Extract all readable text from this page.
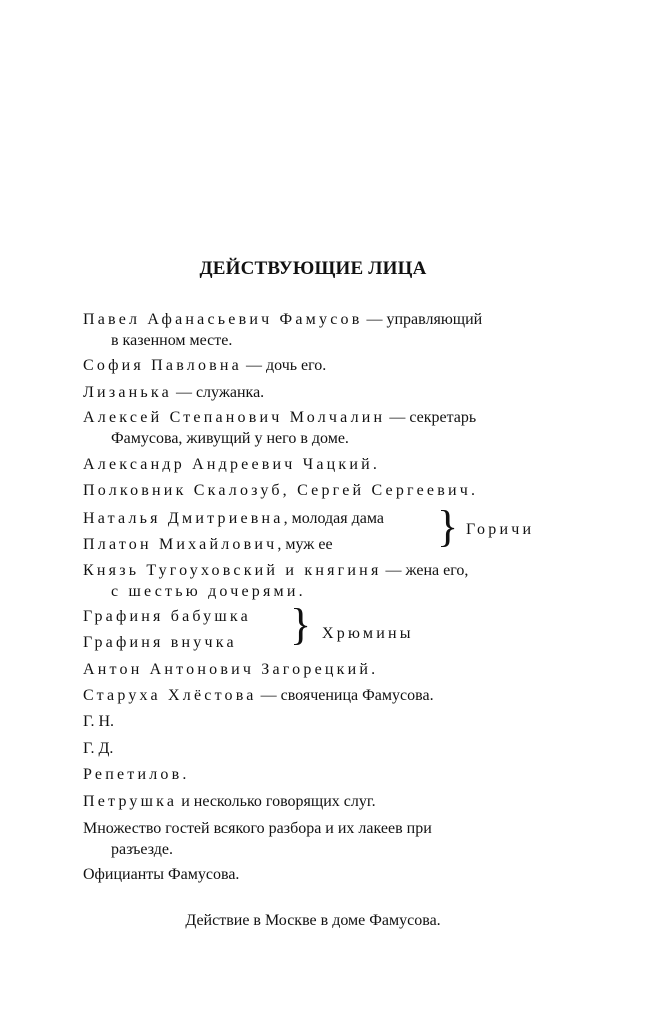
ДЕЙСТВУЮЩИЕ ЛИЦА
Павел Афанасьевич Фамусов — управляющий
в казенном месте.
София Павловна — дочь его.
Лизанька — служанка.
Алексей Степанович Молчалин — секретарь
Фамусова, живущий у него в доме.
Александр Андреевич Чацкий.
Полковник Скалозуб, Сергей Сергеевич.
Наталья Дмитриевна, молодая дама
Платон Михайлович, муж ее	} Горичи
Князь Тугоуховский и княгиня — жена его,
с шестью дочерями.
Графиня бабушка
Графиня внучка	} Хрюмины
Антон Антонович Загорецкий.
Старуха Хлёстова — свояченица Фамусова.
Г. Н.
Г. Д.
Репетилов.
Петрушка и несколько говорящих слуг.
Множество гостей всякого разбора и их лакеев при
разъезде.
Официанты Фамусова.
Действие в Москве в доме Фамусова.
